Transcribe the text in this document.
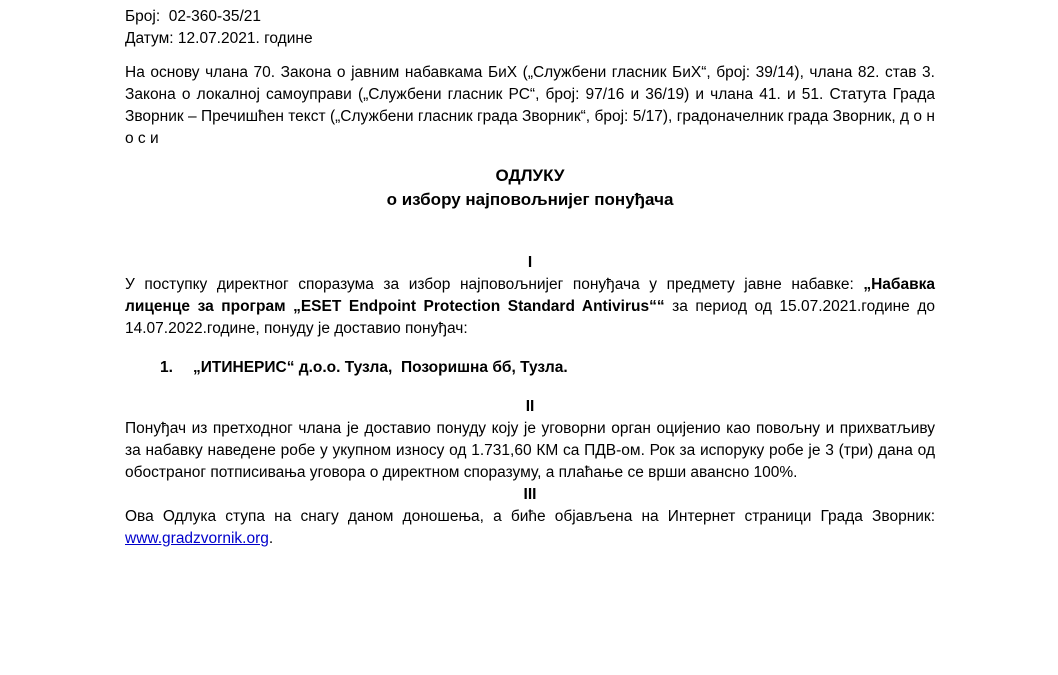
Број:  02-360-35/21
Датум: 12.07.2021. године

На основу члана 70. Закона о јавним набавкама БиХ („Службени гласник БиХ“, број: 39/14), члана 82. став 3. Закона о локалној самоуправи („Службени гласник РС“, број: 97/16 и 36/19) и члана 41. и 51. Статута Града Зворник – Пречишћен текст („Службени гласник града Зворник“, број: 5/17), градоначелник града Зворник, д о н о с и

ОДЛУКУ
о избору најповољнијег понуђача
I

У поступку директног споразума за избор најповољнијег понуђача у предмету јавне набавке: „Набавка лиценце за програм „ESET Endpoint Protection Standard Antivirus““ за период од 15.07.2021.године до 14.07.2022.године, понуду је доставио понуђач:

1. „ИТИНЕРИС“ д.о.о. Тузла,  Позоришна бб, Тузла.
II

Понуђач из претходног члана је доставио понуду коју је уговорни орган оцијенио као повољну и прихватљиву за набавку наведене робе у укупном износу од 1.731,60 КМ са ПДВ-ом. Рок за испоруку робе је 3 (три) дана од обостраног потписивања уговора о директном споразуму, а плаћање се врши авансно 100%.

III

Ова Одлука ступа на снагу даном доношења, а биће објављена на Интернет страници Града Зворник: www.gradzvornik.org.
